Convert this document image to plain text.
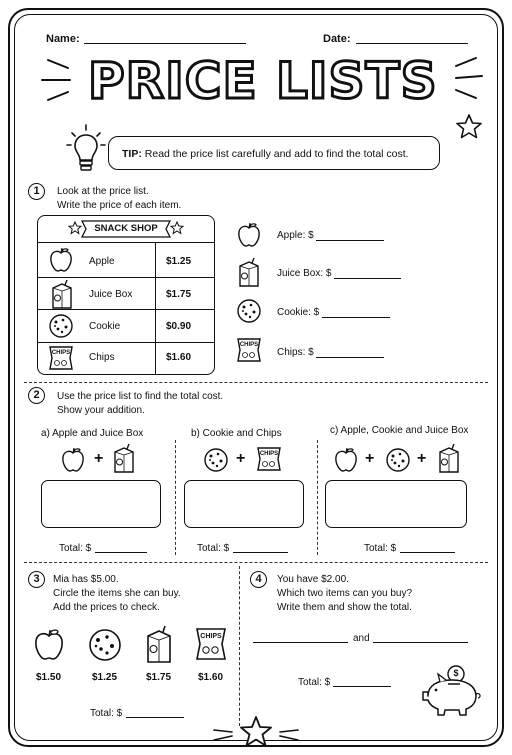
Name:	Date:
PRICE LISTS
TIP: Read the price list carefully and add to find the total cost.
1	Look at the price list.
Write the price of each item.
SNACK SHOP
Apple	$1.25
Juice Box	$1.75
Cookie	$0.90
CHIPS Chips	$1.60
Apple: $
Juice Box: $
Cookie: $
CHIPS
Chips: $
2	Use the price list to find the total cost.
Show your addition.
a) Apple and Juice Box	b) Cookie and Chips	c) Apple, Cookie and Juice Box
+	+	CHIPS	+	+
Total: $	Total: $	Total: $
3	Mia has $5.00.
Circle the items she can buy.
Add the prices to check.
CHIPS
$1.50	$1.25	$1.75	$1.60
Total: $
4	You have $2.00.
Which two items can you buy?
Write them and show the total.
and
Total: $
$
